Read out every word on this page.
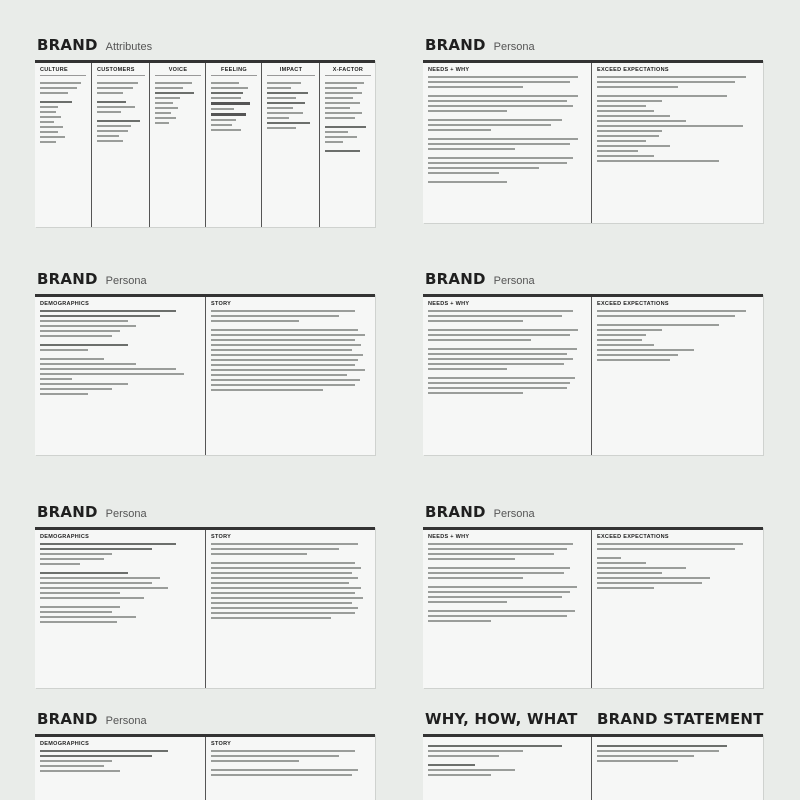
BRAND Attributes
CULTURE	CUSTOMERS	VOICE	FEELING	IMPACT	X-FACTOR
BRAND Persona
NEEDS + WHY	EXCEED EXPECTATIONS
BRAND Persona
DEMOGRAPHICS	STORY
BRAND Persona
NEEDS + WHY	EXCEED EXPECTATIONS
BRAND Persona
DEMOGRAPHICS	STORY
BRAND Persona
NEEDS + WHY	EXCEED EXPECTATIONS
BRAND Persona
DEMOGRAPHICS	STORY
WHY, HOW, WHAT BRAND STATEMENT
